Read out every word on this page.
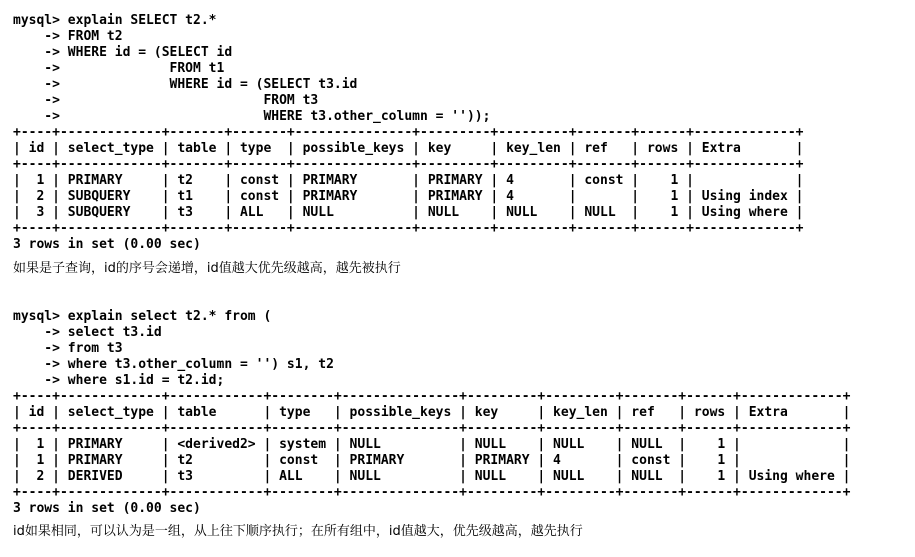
mysql> explain SELECT t2.*
-> FROM t2
-> WHERE id = (SELECT id
->              FROM t1
->              WHERE id = (SELECT t3.id
->                          FROM t3
->                          WHERE t3.other_column = ''));
+----+-------------+-------+-------+---------------+---------+---------+-------+------+-------------+
| id | select_type | table | type  | possible_keys | key     | key_len | ref   | rows | Extra       |
+----+-------------+-------+-------+---------------+---------+---------+-------+------+-------------+
|  1 | PRIMARY     | t2    | const | PRIMARY       | PRIMARY | 4       | const |    1 |             |
|  2 | SUBQUERY    | t1    | const | PRIMARY       | PRIMARY | 4       |       |    1 | Using index |
|  3 | SUBQUERY    | t3    | ALL   | NULL          | NULL    | NULL    | NULL  |    1 | Using where |
+----+-------------+-------+-------+---------------+---------+---------+-------+------+-------------+
3 rows in set (0.00 sec)
如果是子查询，id的序号会递增，id值越大优先级越高，越先被执行
mysql> explain select t2.* from (
-> select t3.id
-> from t3
-> where t3.other_column = '') s1, t2
-> where s1.id = t2.id;
+----+-------------+------------+--------+---------------+---------+---------+-------+------+-------------+
| id | select_type | table      | type   | possible_keys | key     | key_len | ref   | rows | Extra       |
+----+-------------+------------+--------+---------------+---------+---------+-------+------+-------------+
|  1 | PRIMARY     | <derived2> | system | NULL          | NULL    | NULL    | NULL  |    1 |             |
|  1 | PRIMARY     | t2         | const  | PRIMARY       | PRIMARY | 4       | const |    1 |             |
|  2 | DERIVED     | t3         | ALL    | NULL          | NULL    | NULL    | NULL  |    1 | Using where |
+----+-------------+------------+--------+---------------+---------+---------+-------+------+-------------+
3 rows in set (0.00 sec)
id如果相同，可以认为是一组，从上往下顺序执行；在所有组中，id值越大，优先级越高，越先执行
